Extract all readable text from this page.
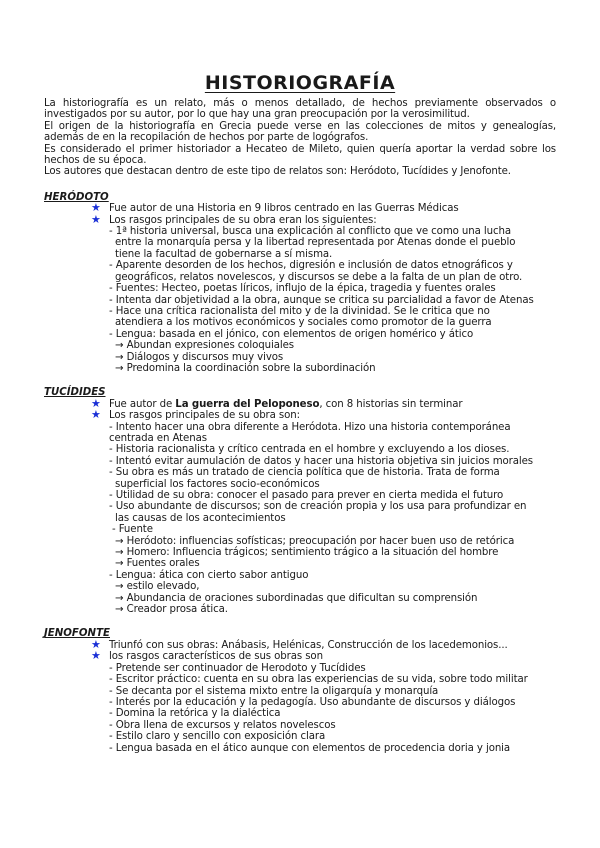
HISTORIOGRAFÍA

La historiografía es un relato, más o menos detallado, de hechos previamente observados o investigados por su autor, por lo que hay una gran preocupación por la verosimilitud.

El origen de la historiografía en Grecia puede verse en las colecciones de mitos y genealogías, además de en la recopilación de hechos por parte de logógrafos.

Es considerado el primer historiador a Hecateo de Mileto, quien quería aportar la verdad sobre los hechos de su época.

Los autores que destacan dentro de este tipo de relatos son: Heródoto, Tucídides y Jenofonte.

HERÓDOTO
★ Fue autor de una Historia en 9 libros centrado en las Guerras Médicas
★ Los rasgos principales de su obra eran los siguientes:
- 1ª historia universal, busca una explicación al conflicto que ve como una lucha
entre la monarquía persa y la libertad representada por Atenas donde el pueblo
tiene la facultad de gobernarse a sí misma.
- Aparente desorden de los hechos, digresión e inclusión de datos etnográficos y
geográficos, relatos novelescos, y discursos se debe a la falta de un plan de otro.
- Fuentes: Hecteo, poetas líricos, influjo de la épica, tragedia y fuentes orales
- Intenta dar objetividad a la obra, aunque se critica su parcialidad a favor de Atenas
- Hace una crítica racionalista del mito y de la divinidad. Se le critica que no
atendiera a los motivos económicos y sociales como promotor de la guerra
- Lengua: basada en el jónico, con elementos de origen homérico y ático
→ Abundan expresiones coloquiales
→ Diálogos y discursos muy vivos
→ Predomina la coordinación sobre la subordinación
TUCÍDIDES
★ Fue autor de La guerra del Peloponeso, con 8 historias sin terminar
★ Los rasgos principales de su obra son:
- Intento hacer una obra diferente a Heródota. Hizo una historia contemporánea
centrada en Atenas
- Historia racionalista y crítico centrada en el hombre y excluyendo a los dioses.
- Intentó evitar aumulación de datos y hacer una historia objetiva sin juicios morales
- Su obra es más un tratado de ciencia política que de historia. Trata de forma
superficial los factores socio-económicos
- Utilidad de su obra: conocer el pasado para prever en cierta medida el futuro
- Uso abundante de discursos; son de creación propia y los usa para profundizar en
las causas de los acontecimientos
- Fuente
→ Heródoto: influencias sofísticas; preocupación por hacer buen uso de retórica
→ Homero: Influencia trágicos; sentimiento trágico a la situación del hombre
→ Fuentes orales
- Lengua: ática con cierto sabor antiguo
→ estilo elevado,
→ Abundancia de oraciones subordinadas que dificultan su comprensión
→ Creador prosa ática.
JENOFONTE
★ Triunfó con sus obras: Anábasis, Helénicas, Construcción de los lacedemonios...
★ los rasgos característicos de sus obras son
- Pretende ser continuador de Herodoto y Tucídides
- Escritor práctico: cuenta en su obra las experiencias de su vida, sobre todo militar
- Se decanta por el sistema mixto entre la oligarquía y monarquía
- Interés por la educación y la pedagogía. Uso abundante de discursos y diálogos
- Domina la retórica y la dialéctica
- Obra llena de excursos y relatos novelescos
- Estilo claro y sencillo con exposición clara
- Lengua basada en el ático aunque con elementos de procedencia doria y jonia
